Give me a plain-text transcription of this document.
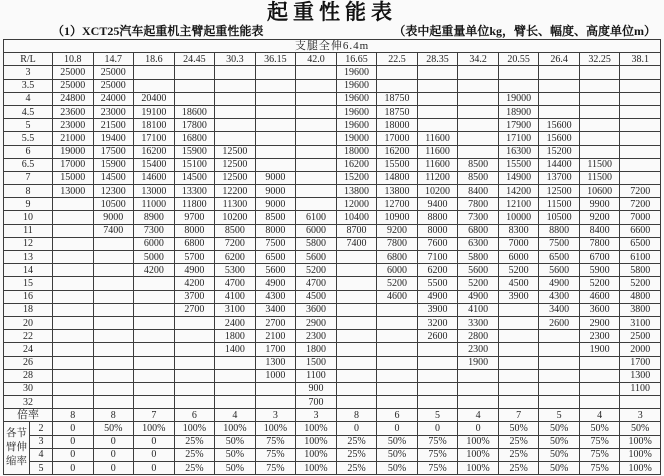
起重性能表
（1）XCT25汽车起重机主臂起重性能表	（表中起重量单位kg，臂长、幅度、高度单位m）
支腿全伸6.4m																
R/L		10.8	14.7	18.6	24.45	30.3	36.15	42.0	16.65	22.5	28.35	34.2	20.55	26.4	32.25	38.1
3		25000	25000						19600							
3.5		25000	25000						19600							
4		24800	24000	20400					19600	18750			19000			
4.5		23600	23000	19100	18600				19600	18750			18900			
5		23000	21500	18100	17800				19600	18000			17900	15600		
5.5		21000	19400	17100	16800				19000	17000	11600		17100	15600		
6		19000	17500	16200	15900	12500			18000	16200	11600		16300	15200		
6.5		17000	15900	15400	15100	12500			16200	15500	11600	8500	15500	14400	11500	
7		15000	14500	14600	14500	12500	9000		15200	14800	11200	8500	14900	13700	11500	
8		13000	12300	13000	13300	12200	9000		13800	13800	10200	8400	14200	12500	10600	7200
9			10500	11000	11800	11300	9000		12000	12700	9400	7800	12100	11500	9900	7200
10			9000	8900	9700	10200	8500	6100	10400	10900	8800	7300	10000	10500	9200	7000
11			7400	7300	8000	8500	8000	6000	8700	9200	8000	6800	8300	8800	8400	6600
12				6000	6800	7200	7500	5800	7400	7800	7600	6300	7000	7500	7800	6500
13				5000	5700	6200	6500	5600		6800	7100	5800	6000	6500	6700	6100
14				4200	4900	5300	5600	5200		6000	6200	5600	5200	5600	5900	5800
15					4200	4700	4900	4700		5200	5500	5200	4500	4900	5200	5200
16					3700	4100	4300	4500		4600	4900	4900	3900	4300	4600	4800
18					2700	3100	3400	3600			3900	4100		3400	3600	3800
20						2400	2700	2900			3200	3300		2600	2900	3100
22						1800	2100	2300			2600	2800			2300	2500
24						1400	1700	1800				2300			1900	2000
26							1300	1500				1900				1700
28							1000	1100								1300
30								900								1100
32								700								
倍率		8	8	7	6	4	3	3	8	6	5	4	7	5	4	3
各节臂伸缩率	2	0	50%	100%	100%	100%	100%	100%	0	0	0	0	50%	50%	50%	50%
	3	0	0	0	25%	50%	75%	100%	25%	50%	75%	100%	25%	50%	75%	100%
	4	0	0	0	25%	50%	75%	100%	25%	50%	75%	100%	25%	50%	75%	100%
	5	0	0	0	25%	50%	75%	100%	25%	50%	75%	100%	25%	50%	75%	100%
